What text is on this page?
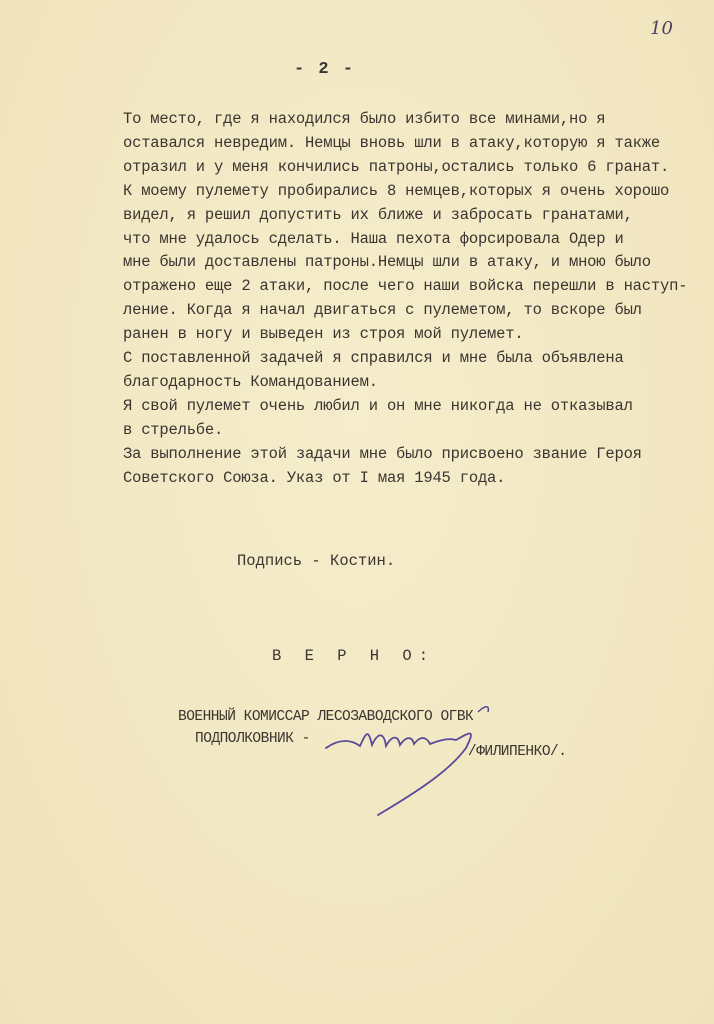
10
- 2 -
То место, где я находился было избито все минами,но я
оставался невредим. Немцы вновь шли в атаку,которую я также
отразил и у меня кончились патроны,остались только 6 гранат.
К моему пулемету пробирались 8 немцев,которых я очень хорошо
видел, я решил допустить их ближе и забросать гранатами,
что мне удалось сделать. Наша пехота форсировала Одер и
мне были доставлены патроны.Немцы шли в атаку, и мною было
отражено еще 2 атаки, после чего наши войска перешли в наступ-
ление. Когда я начал двигаться с пулеметом, то вскоре был
ранен в ногу и выведен из строя мой пулемет.
С поставленной задачей я справился и мне была объявлена
благодарность Командованием.
Я свой пулемет очень любил и он мне никогда не отказывал
в стрельбе.
За выполнение этой задачи мне было присвоено звание Героя
Советского Союза. Указ от I мая 1945 года.
Подпись - Костин.
В Е Р Н О:
ВОЕННЫЙ КОМИССАР ЛЕСОЗАВОДСКОГО ОГВК
ПОДПОЛКОВНИК -
/ФИЛИПЕНКО/.
